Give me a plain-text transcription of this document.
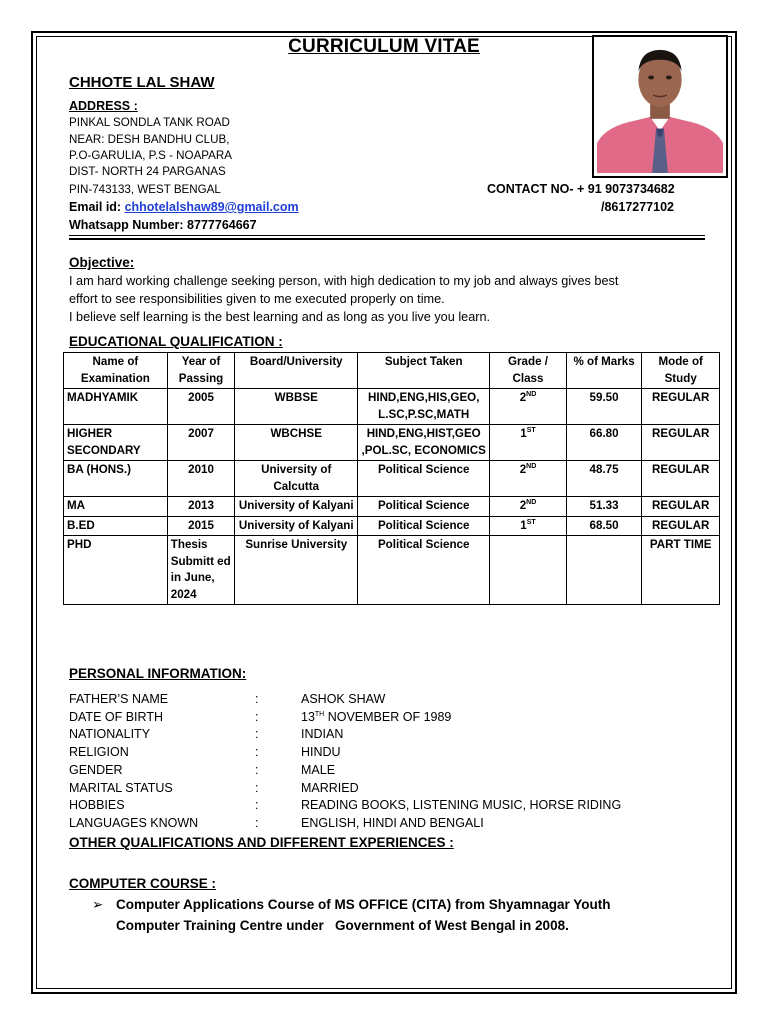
CURRICULUM VITAE
CHHOTE LAL SHAW
ADDRESS :
PINKAL SONDLA TANK ROAD
NEAR: DESH BANDHU CLUB,
P.O-GARULIA, P.S - NOAPARA
DIST- NORTH 24 PARGANAS
PIN-743133, WEST BENGAL
Email id: chhotelalshaw89@gmail.com
Whatsapp Number: 8777764667
CONTACT NO- + 91 9073734682
/8617277102
Objective:
I am hard working challenge seeking person, with high dedication to my job and always gives best
effort to see responsibilities given to me executed properly on time.
I believe self learning is the best learning and as long as you live you learn.
EDUCATIONAL QUALIFICATION :
Name of Examination	Year of Passing	Board/University	Subject Taken	Grade / Class	% of Marks	Mode of Study
MADHYAMIK	2005	WBBSE	HIND,ENG,HIS,GEO, L.SC,P.SC,MATH	2ND	59.50	REGULAR
HIGHER SECONDARY	2007	WBCHSE	HIND,ENG,HIST,GEO ,POL.SC, ECONOMICS	1ST	66.80	REGULAR
BA (HONS.)	2010	University of Calcutta	Political Science	2ND	48.75	REGULAR
MA	2013	University of Kalyani	Political Science	2ND	51.33	REGULAR
B.ED	2015	University of Kalyani	Political Science	1ST	68.50	REGULAR
PHD	Thesis Submitt ed in June, 2024	Sunrise University	Political Science			PART TIME
PERSONAL INFORMATION:
FATHER’S NAME	:	ASHOK SHAW
DATE OF BIRTH	:	13TH NOVEMBER OF 1989
NATIONALITY	:	INDIAN
RELIGION	:	HINDU
GENDER	:	MALE
MARITAL STATUS	:	MARRIED
HOBBIES	:	READING BOOKS, LISTENING MUSIC, HORSE RIDING
LANGUAGES KNOWN	:	ENGLISH, HINDI AND BENGALI
OTHER QUALIFICATIONS AND DIFFERENT EXPERIENCES :
COMPUTER COURSE :
➢ Computer Applications Course of MS OFFICE (CITA) from Shyamnagar Youth
Computer Training Centre under   Government of West Bengal in 2008.
